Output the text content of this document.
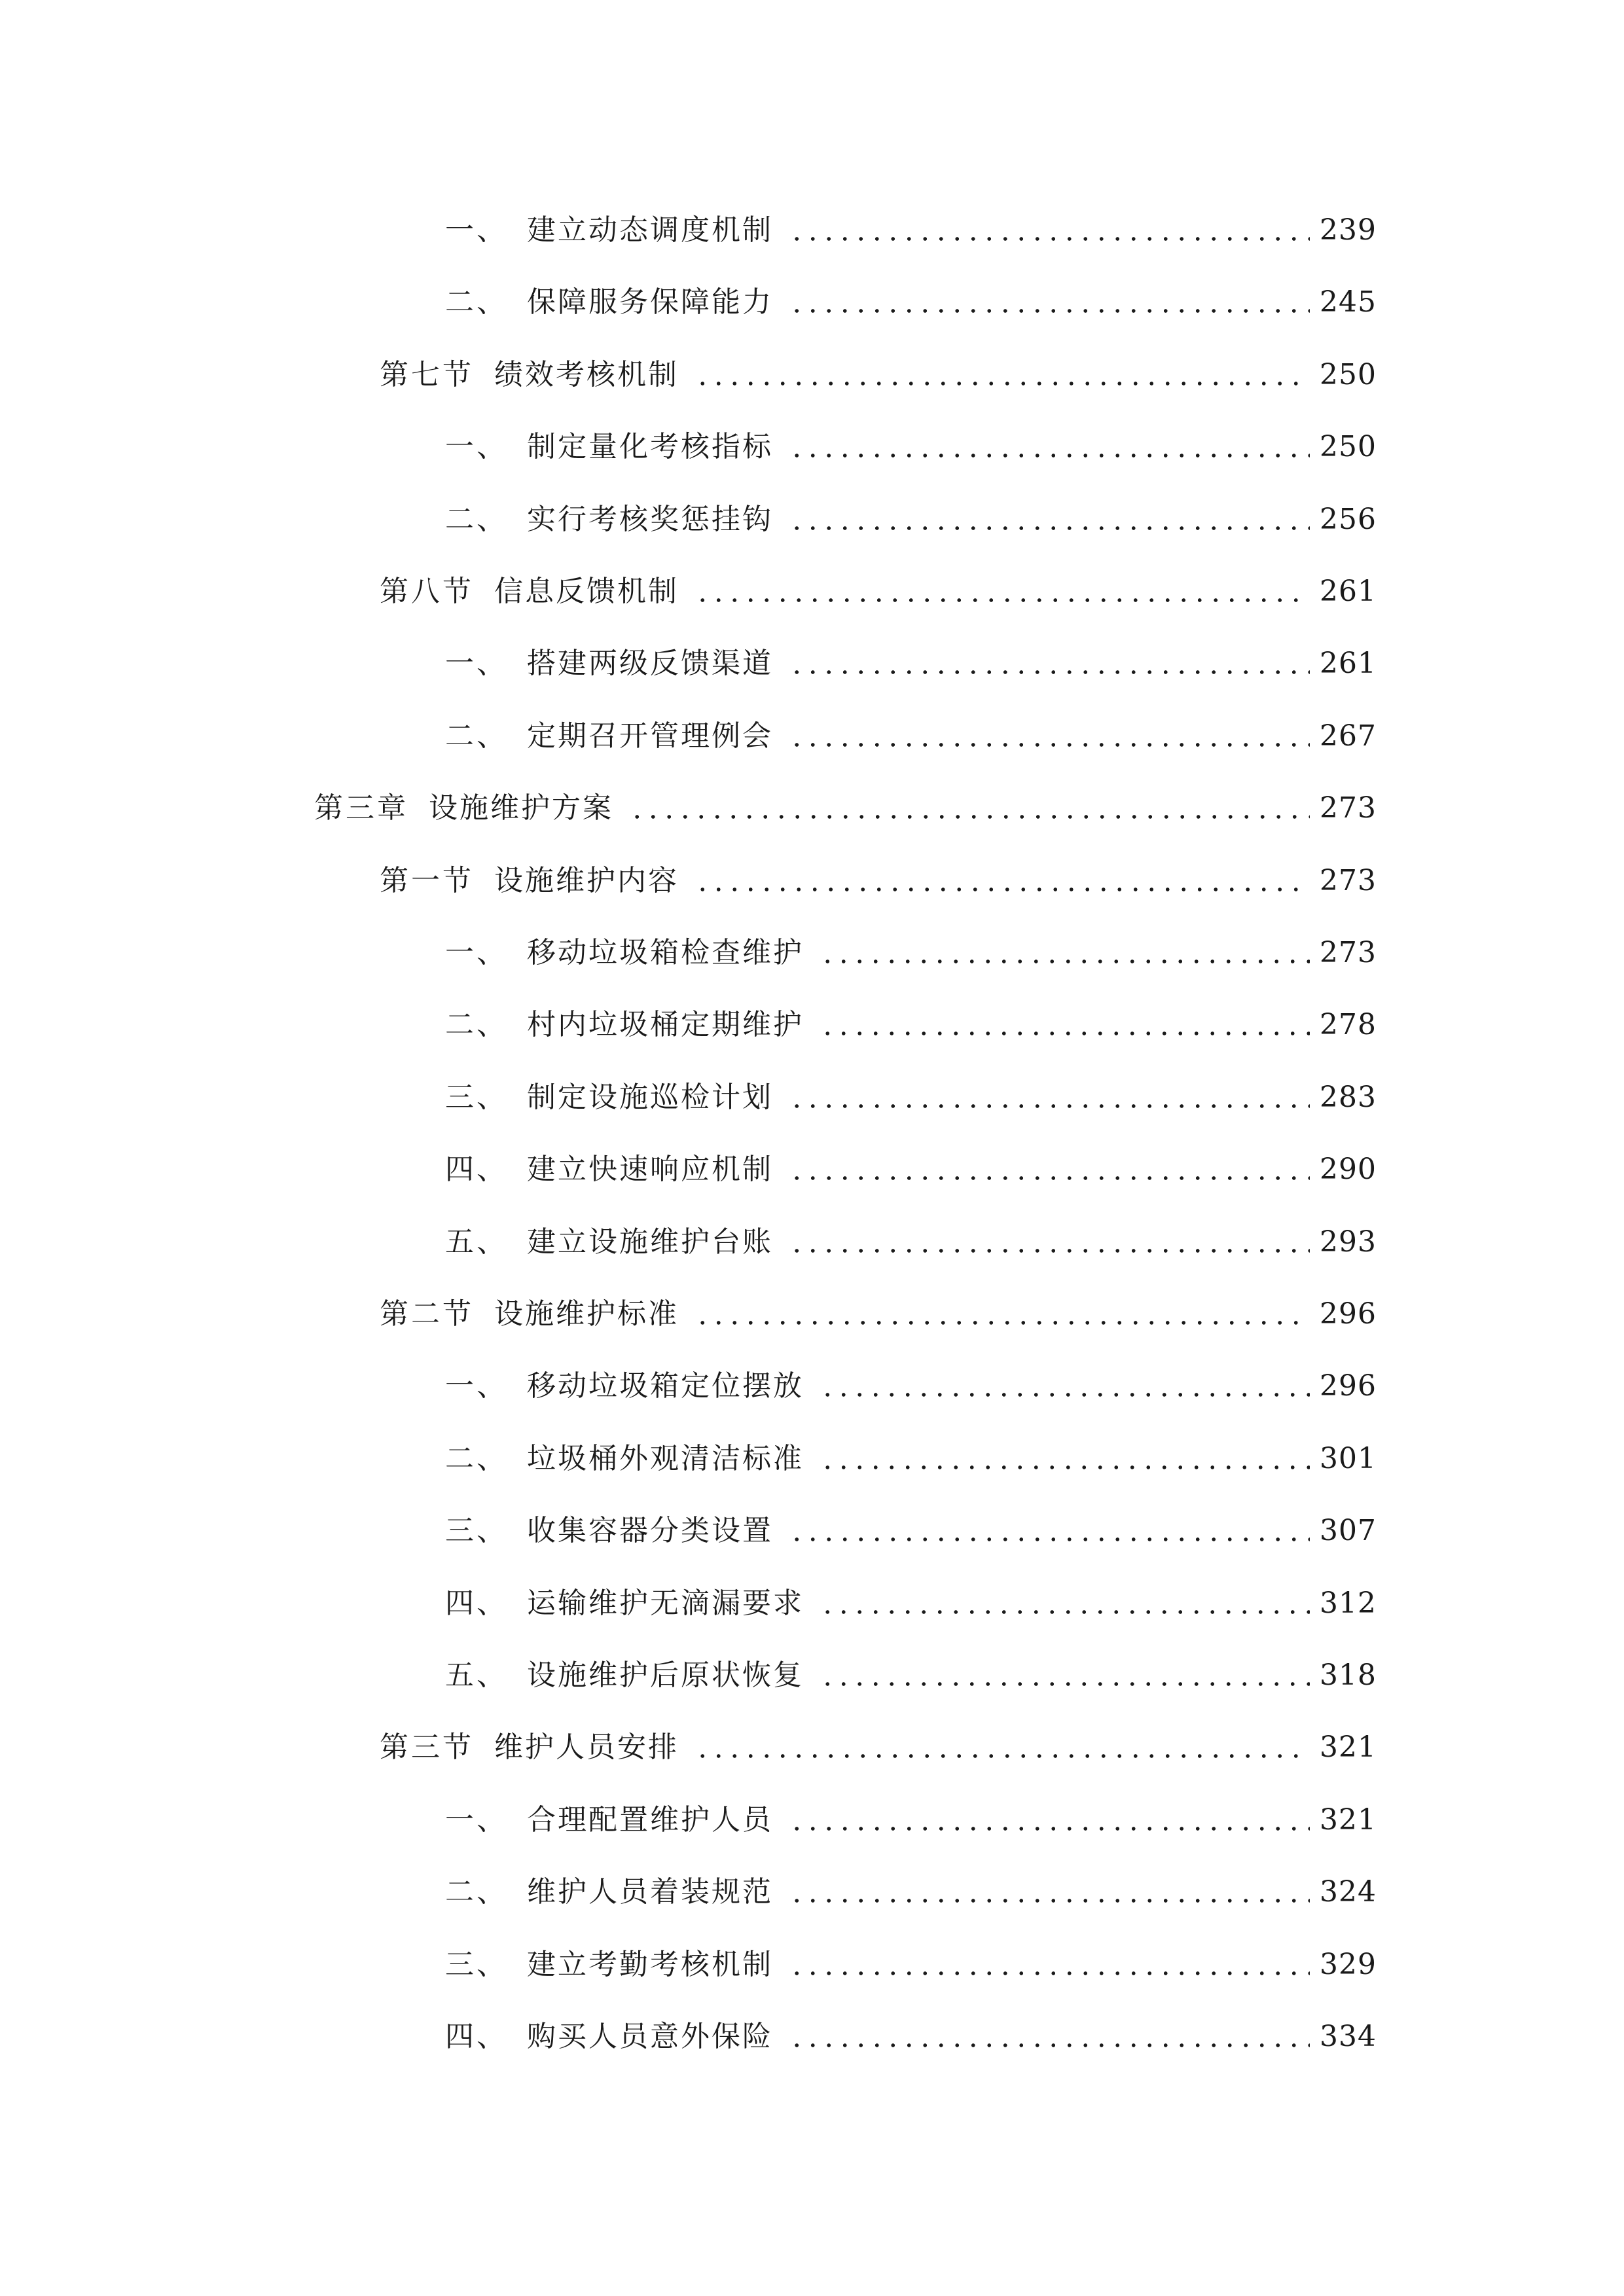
一、 建立动态调度机制	239
二、 保障服务保障能力	245
第七节 绩效考核机制	250
一、 制定量化考核指标	250
二、 实行考核奖惩挂钩	256
第八节 信息反馈机制	261
一、 搭建两级反馈渠道	261
二、 定期召开管理例会	267
第三章 设施维护方案	273
第一节 设施维护内容	273
一、 移动垃圾箱检查维护	273
二、 村内垃圾桶定期维护	278
三、 制定设施巡检计划	283
四、 建立快速响应机制	290
五、 建立设施维护台账	293
第二节 设施维护标准	296
一、 移动垃圾箱定位摆放	296
二、 垃圾桶外观清洁标准	301
三、 收集容器分类设置	307
四、 运输维护无滴漏要求	312
五、 设施维护后原状恢复	318
第三节 维护人员安排	321
一、 合理配置维护人员	321
二、 维护人员着装规范	324
三、 建立考勤考核机制	329
四、 购买人员意外保险	334
